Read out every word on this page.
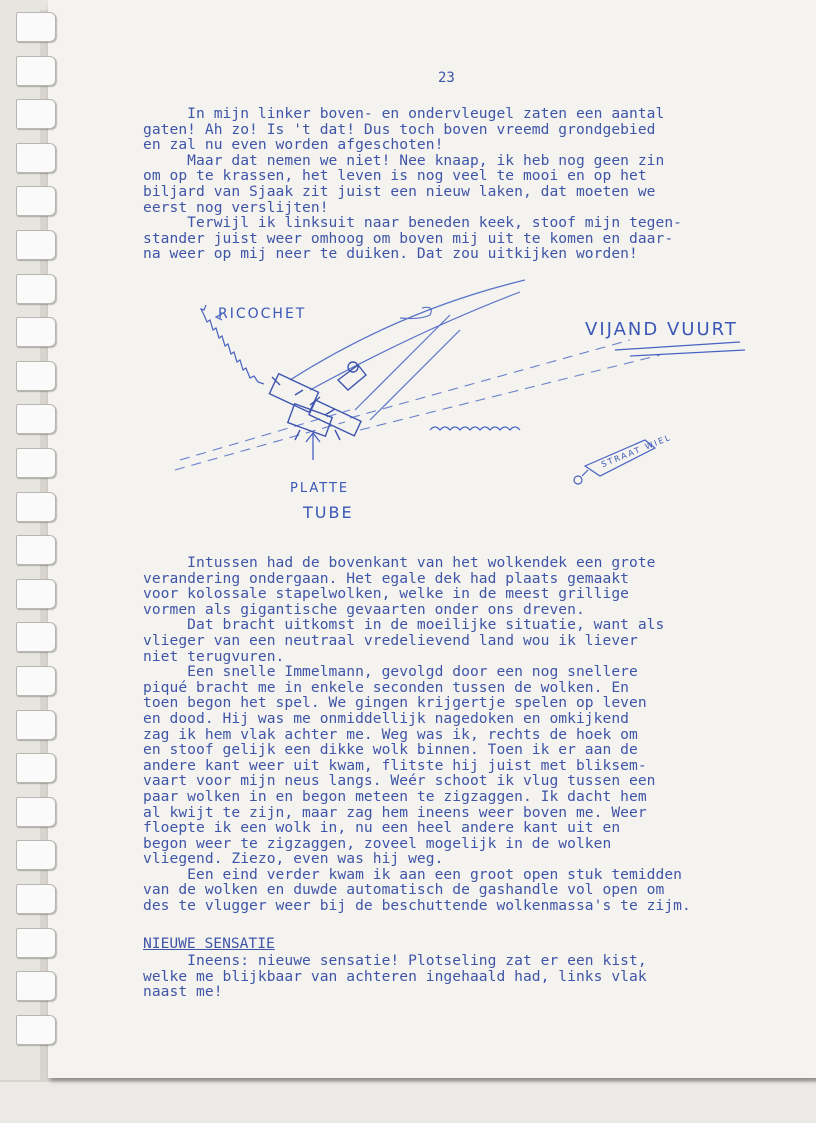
23
In mijn linker boven- en ondervleugel zaten een aantal
gaten! Ah zo! Is 't dat! Dus toch boven vreemd grondgebied
en zal nu even worden afgeschoten!
Maar dat nemen we niet! Nee knaap, ik heb nog geen zin
om op te krassen, het leven is nog veel te mooi en op het
biljard van Sjaak zit juist een nieuw laken, dat moeten we
eerst nog verslijten!
Terwijl ik linksuit naar beneden keek, stoof mijn tegen-
stander juist weer omhoog om boven mij uit te komen en daar-
na weer op mij neer te duiken. Dat zou uitkijken worden!
RICOCHET
PLATTE
TUBE
VIJAND VUURT
STRAAT WIEL
Intussen had de bovenkant van het wolkendek een grote
verandering ondergaan. Het egale dek had plaats gemaakt
voor kolossale stapelwolken, welke in de meest grillige
vormen als gigantische gevaarten onder ons dreven.
Dat bracht uitkomst in de moeilijke situatie, want als
vlieger van een neutraal vredelievend land wou ik liever
niet terugvuren.
Een snelle Immelmann, gevolgd door een nog snellere
piqué bracht me in enkele seconden tussen de wolken. En
toen begon het spel. We gingen krijgertje spelen op leven
en dood. Hij was me onmiddellijk nagedoken en omkijkend
zag ik hem vlak achter me. Weg was ik, rechts de hoek om
en stoof gelijk een dikke wolk binnen. Toen ik er aan de
andere kant weer uit kwam, flitste hij juist met bliksem-
vaart voor mijn neus langs. Weér schoot ik vlug tussen een
paar wolken in en begon meteen te zigzaggen. Ik dacht hem
al kwijt te zijn, maar zag hem ineens weer boven me. Weer
floepte ik een wolk in, nu een heel andere kant uit en
begon weer te zigzaggen, zoveel mogelijk in de wolken
vliegend. Ziezo, even was hij weg.
Een eind verder kwam ik aan een groot open stuk temidden
van de wolken en duwde automatisch de gashandle vol open om
des te vlugger weer bij de beschuttende wolkenmassa's te zijm.
NIEUWE SENSATIE
Ineens: nieuwe sensatie! Plotseling zat er een kist,
welke me blijkbaar van achteren ingehaald had, links vlak
naast me!
